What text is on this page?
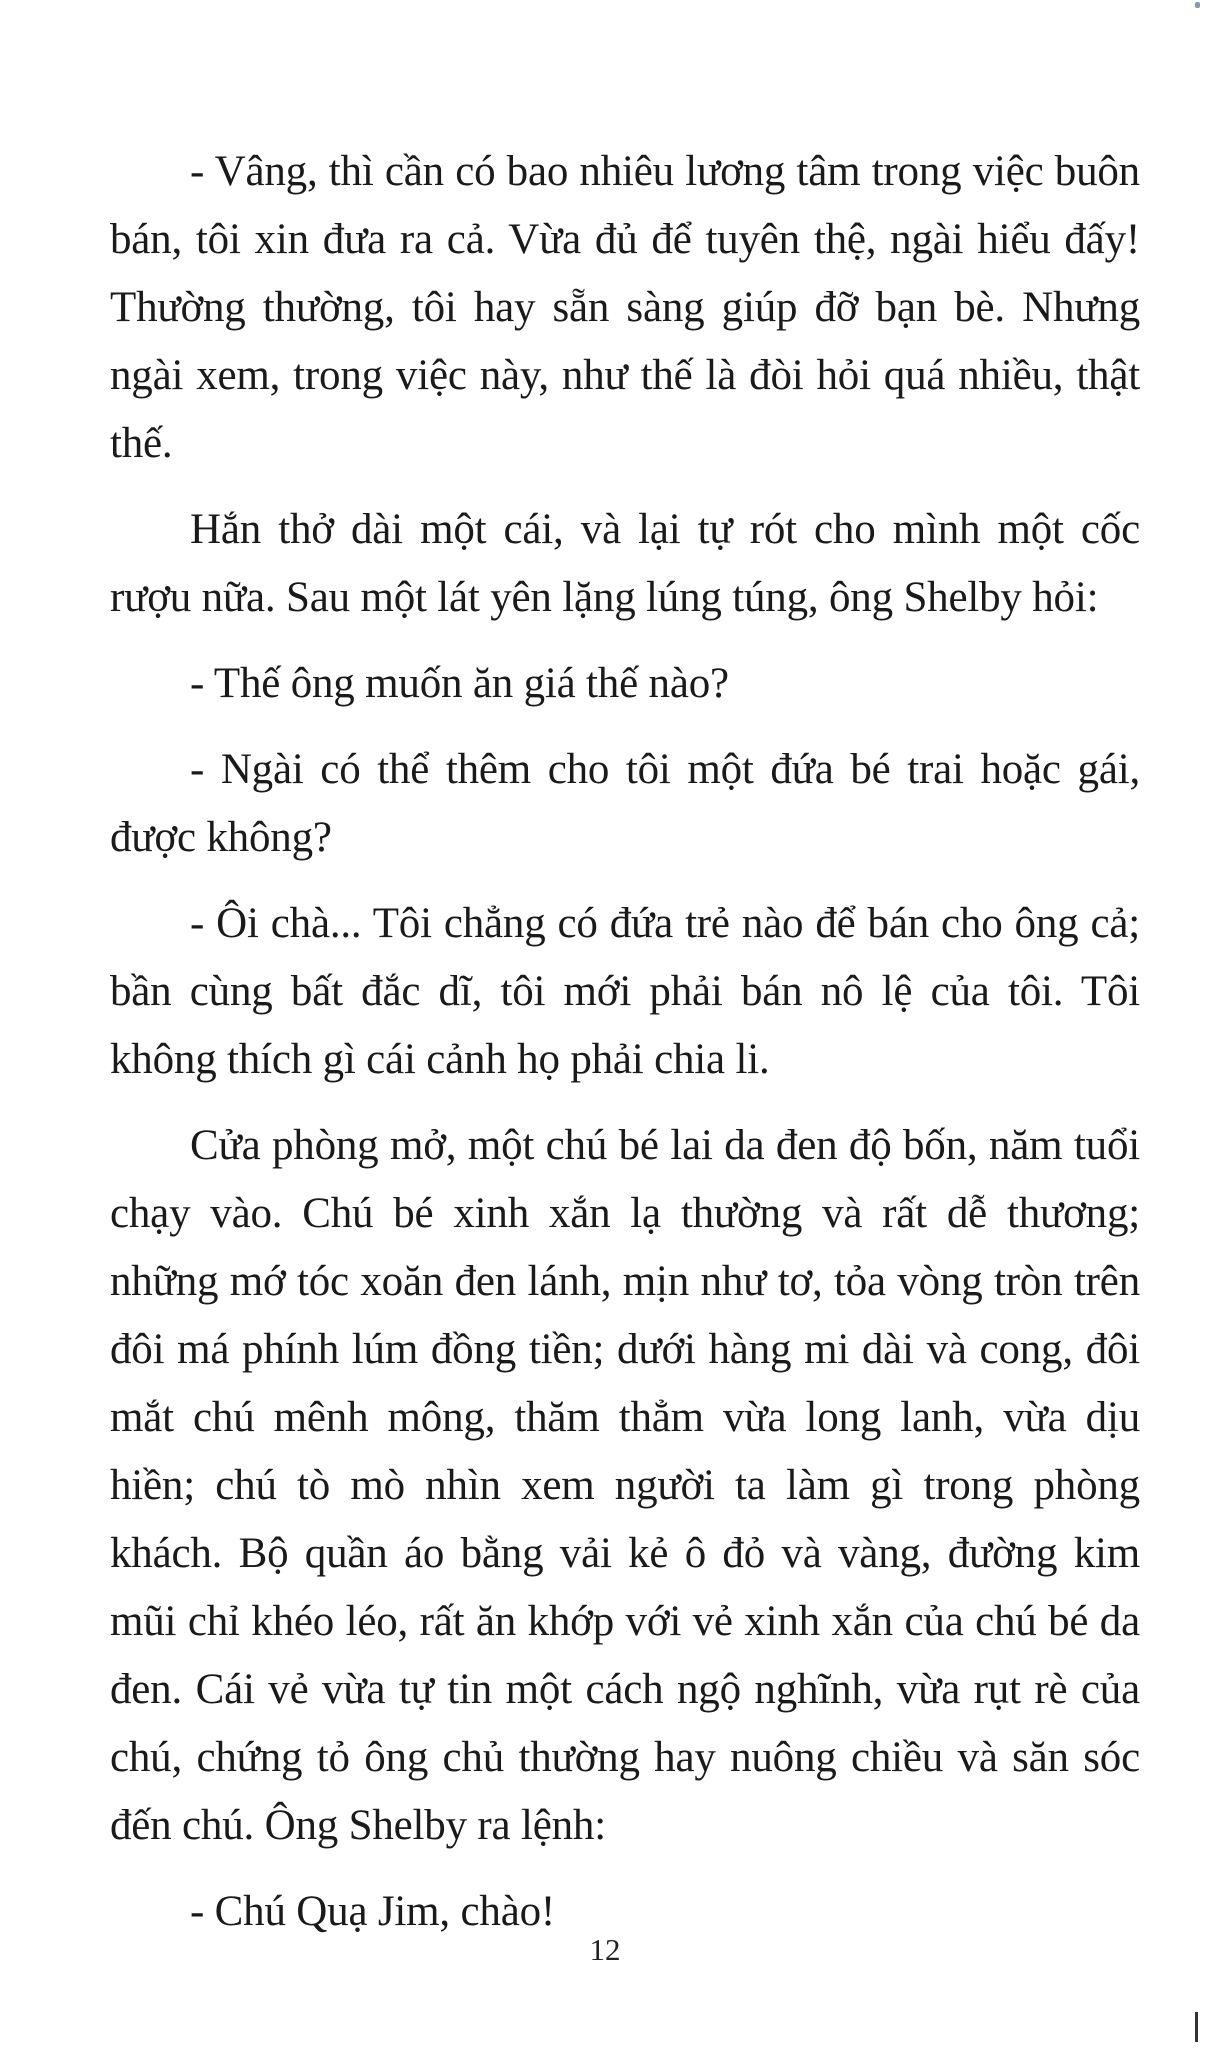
- Vâng, thì cần có bao nhiêu lương tâm trong việc buôn bán, tôi xin đưa ra cả. Vừa đủ để tuyên thệ, ngài hiểu đấy! Thường thường, tôi hay sẵn sàng giúp đỡ bạn bè. Nhưng ngài xem, trong việc này, như thế là đòi hỏi quá nhiều, thật thế.

Hắn thở dài một cái, và lại tự rót cho mình một cốc rượu nữa. Sau một lát yên lặng lúng túng, ông Shelby hỏi:

- Thế ông muốn ăn giá thế nào?

- Ngài có thể thêm cho tôi một đứa bé trai hoặc gái, được không?

- Ôi chà... Tôi chẳng có đứa trẻ nào để bán cho ông cả; bần cùng bất đắc dĩ, tôi mới phải bán nô lệ của tôi. Tôi không thích gì cái cảnh họ phải chia li.

Cửa phòng mở, một chú bé lai da đen độ bốn, năm tuổi chạy vào. Chú bé xinh xắn lạ thường và rất dễ thương; những mớ tóc xoăn đen lánh, mịn như tơ, tỏa vòng tròn trên đôi má phính lúm đồng tiền; dưới hàng mi dài và cong, đôi mắt chú mênh mông, thăm thẳm vừa long lanh, vừa dịu hiền; chú tò mò nhìn xem người ta làm gì trong phòng khách. Bộ quần áo bằng vải kẻ ô đỏ và vàng, đường kim mũi chỉ khéo léo, rất ăn khớp với vẻ xinh xắn của chú bé da đen. Cái vẻ vừa tự tin một cách ngộ nghĩnh, vừa rụt rè của chú, chứng tỏ ông chủ thường hay nuông chiều và săn sóc đến chú. Ông Shelby ra lệnh:

- Chú Quạ Jim, chào!

12
